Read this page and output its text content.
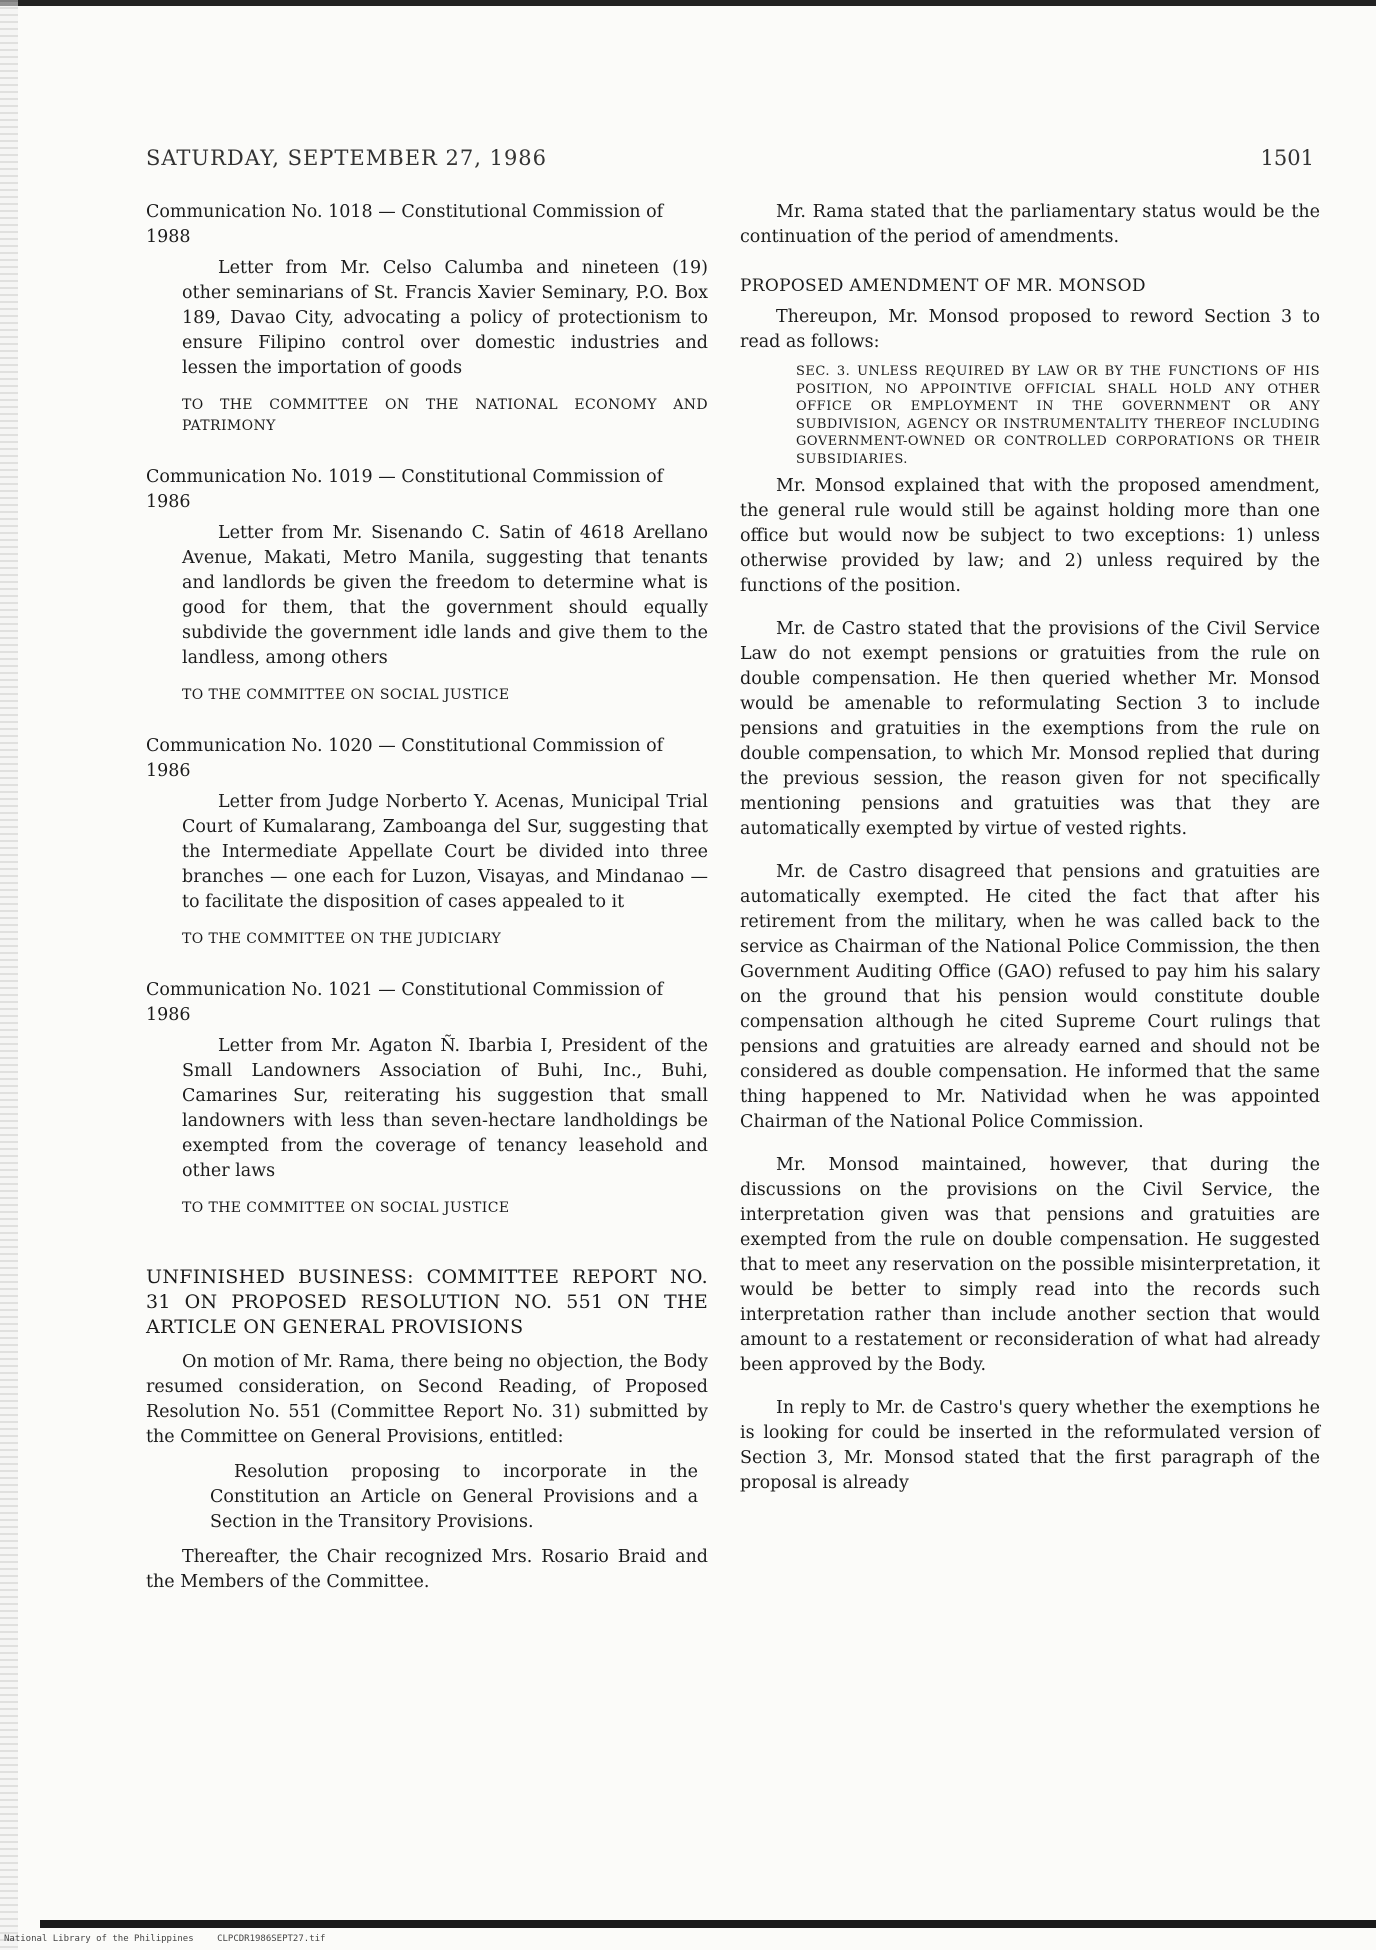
SATURDAY, SEPTEMBER 27, 1986	1501

Communication No. 1018 — Constitutional Commission of 1988

Letter from Mr. Celso Calumba and nineteen (19) other seminarians of St. Francis Xavier Seminary, P.O. Box 189, Davao City, advocating a policy of protectionism to ensure Filipino control over domestic industries and lessen the importation of goods

TO THE COMMITTEE ON THE NATIONAL ECONOMY AND PATRIMONY

Communication No. 1019 — Constitutional Commission of 1986

Letter from Mr. Sisenando C. Satin of 4618 Arellano Avenue, Makati, Metro Manila, suggesting that tenants and landlords be given the freedom to determine what is good for them, that the government should equally subdivide the government idle lands and give them to the landless, among others

TO THE COMMITTEE ON SOCIAL JUSTICE

Communication No. 1020 — Constitutional Commission of 1986

Letter from Judge Norberto Y. Acenas, Municipal Trial Court of Kumalarang, Zamboanga del Sur, suggesting that the Intermediate Appellate Court be divided into three branches — one each for Luzon, Visayas, and Mindanao — to facilitate the disposition of cases appealed to it

TO THE COMMITTEE ON THE JUDICIARY

Communication No. 1021 — Constitutional Commission of 1986

Letter from Mr. Agaton Ñ. Ibarbia I, President of the Small Landowners Association of Buhi, Inc., Buhi, Camarines Sur, reiterating his suggestion that small landowners with less than seven-hectare landholdings be exempted from the coverage of tenancy leasehold and other laws

TO THE COMMITTEE ON SOCIAL JUSTICE

UNFINISHED BUSINESS: COMMITTEE REPORT NO. 31 ON PROPOSED RESOLUTION NO. 551 ON THE ARTICLE ON GENERAL PROVISIONS

On motion of Mr. Rama, there being no objection, the Body resumed consideration, on Second Reading, of Proposed Resolution No. 551 (Committee Report No. 31) submitted by the Committee on General Provisions, entitled:

Resolution proposing to incorporate in the Constitution an Article on General Provisions and a Section in the Transitory Provisions.

Thereafter, the Chair recognized Mrs. Rosario Braid and the Members of the Committee.

Mr. Rama stated that the parliamentary status would be the continuation of the period of amendments.

PROPOSED AMENDMENT OF MR. MONSOD

Thereupon, Mr. Monsod proposed to reword Section 3 to read as follows:

SEC. 3. UNLESS REQUIRED BY LAW OR BY THE FUNCTIONS OF HIS POSITION, NO APPOINTIVE OFFICIAL SHALL HOLD ANY OTHER OFFICE OR EMPLOYMENT IN THE GOVERNMENT OR ANY SUBDIVISION, AGENCY OR INSTRUMENTALITY THEREOF INCLUDING GOVERNMENT-OWNED OR CONTROLLED CORPORATIONS OR THEIR SUBSIDIARIES.

Mr. Monsod explained that with the proposed amendment, the general rule would still be against holding more than one office but would now be subject to two exceptions: 1) unless otherwise provided by law; and 2) unless required by the functions of the position.

Mr. de Castro stated that the provisions of the Civil Service Law do not exempt pensions or gratuities from the rule on double compensation. He then queried whether Mr. Monsod would be amenable to reformulating Section 3 to include pensions and gratuities in the exemptions from the rule on double compensation, to which Mr. Monsod replied that during the previous session, the reason given for not specifically mentioning pensions and gratuities was that they are automatically exempted by virtue of vested rights.

Mr. de Castro disagreed that pensions and gratuities are automatically exempted. He cited the fact that after his retirement from the military, when he was called back to the service as Chairman of the National Police Commission, the then Government Auditing Office (GAO) refused to pay him his salary on the ground that his pension would constitute double compensation although he cited Supreme Court rulings that pensions and gratuities are already earned and should not be considered as double compensation. He informed that the same thing happened to Mr. Natividad when he was appointed Chairman of the National Police Commission.

Mr. Monsod maintained, however, that during the discussions on the provisions on the Civil Service, the interpretation given was that pensions and gratuities are exempted from the rule on double compensation. He suggested that to meet any reservation on the possible misinterpretation, it would be better to simply read into the records such interpretation rather than include another section that would amount to a restatement or reconsideration of what had already been approved by the Body.

In reply to Mr. de Castro's query whether the exemptions he is looking for could be inserted in the reformulated version of Section 3, Mr. Monsod stated that the first paragraph of the proposal is already

National Library of the Philippines	CLPCDR1986SEPT27.tif
